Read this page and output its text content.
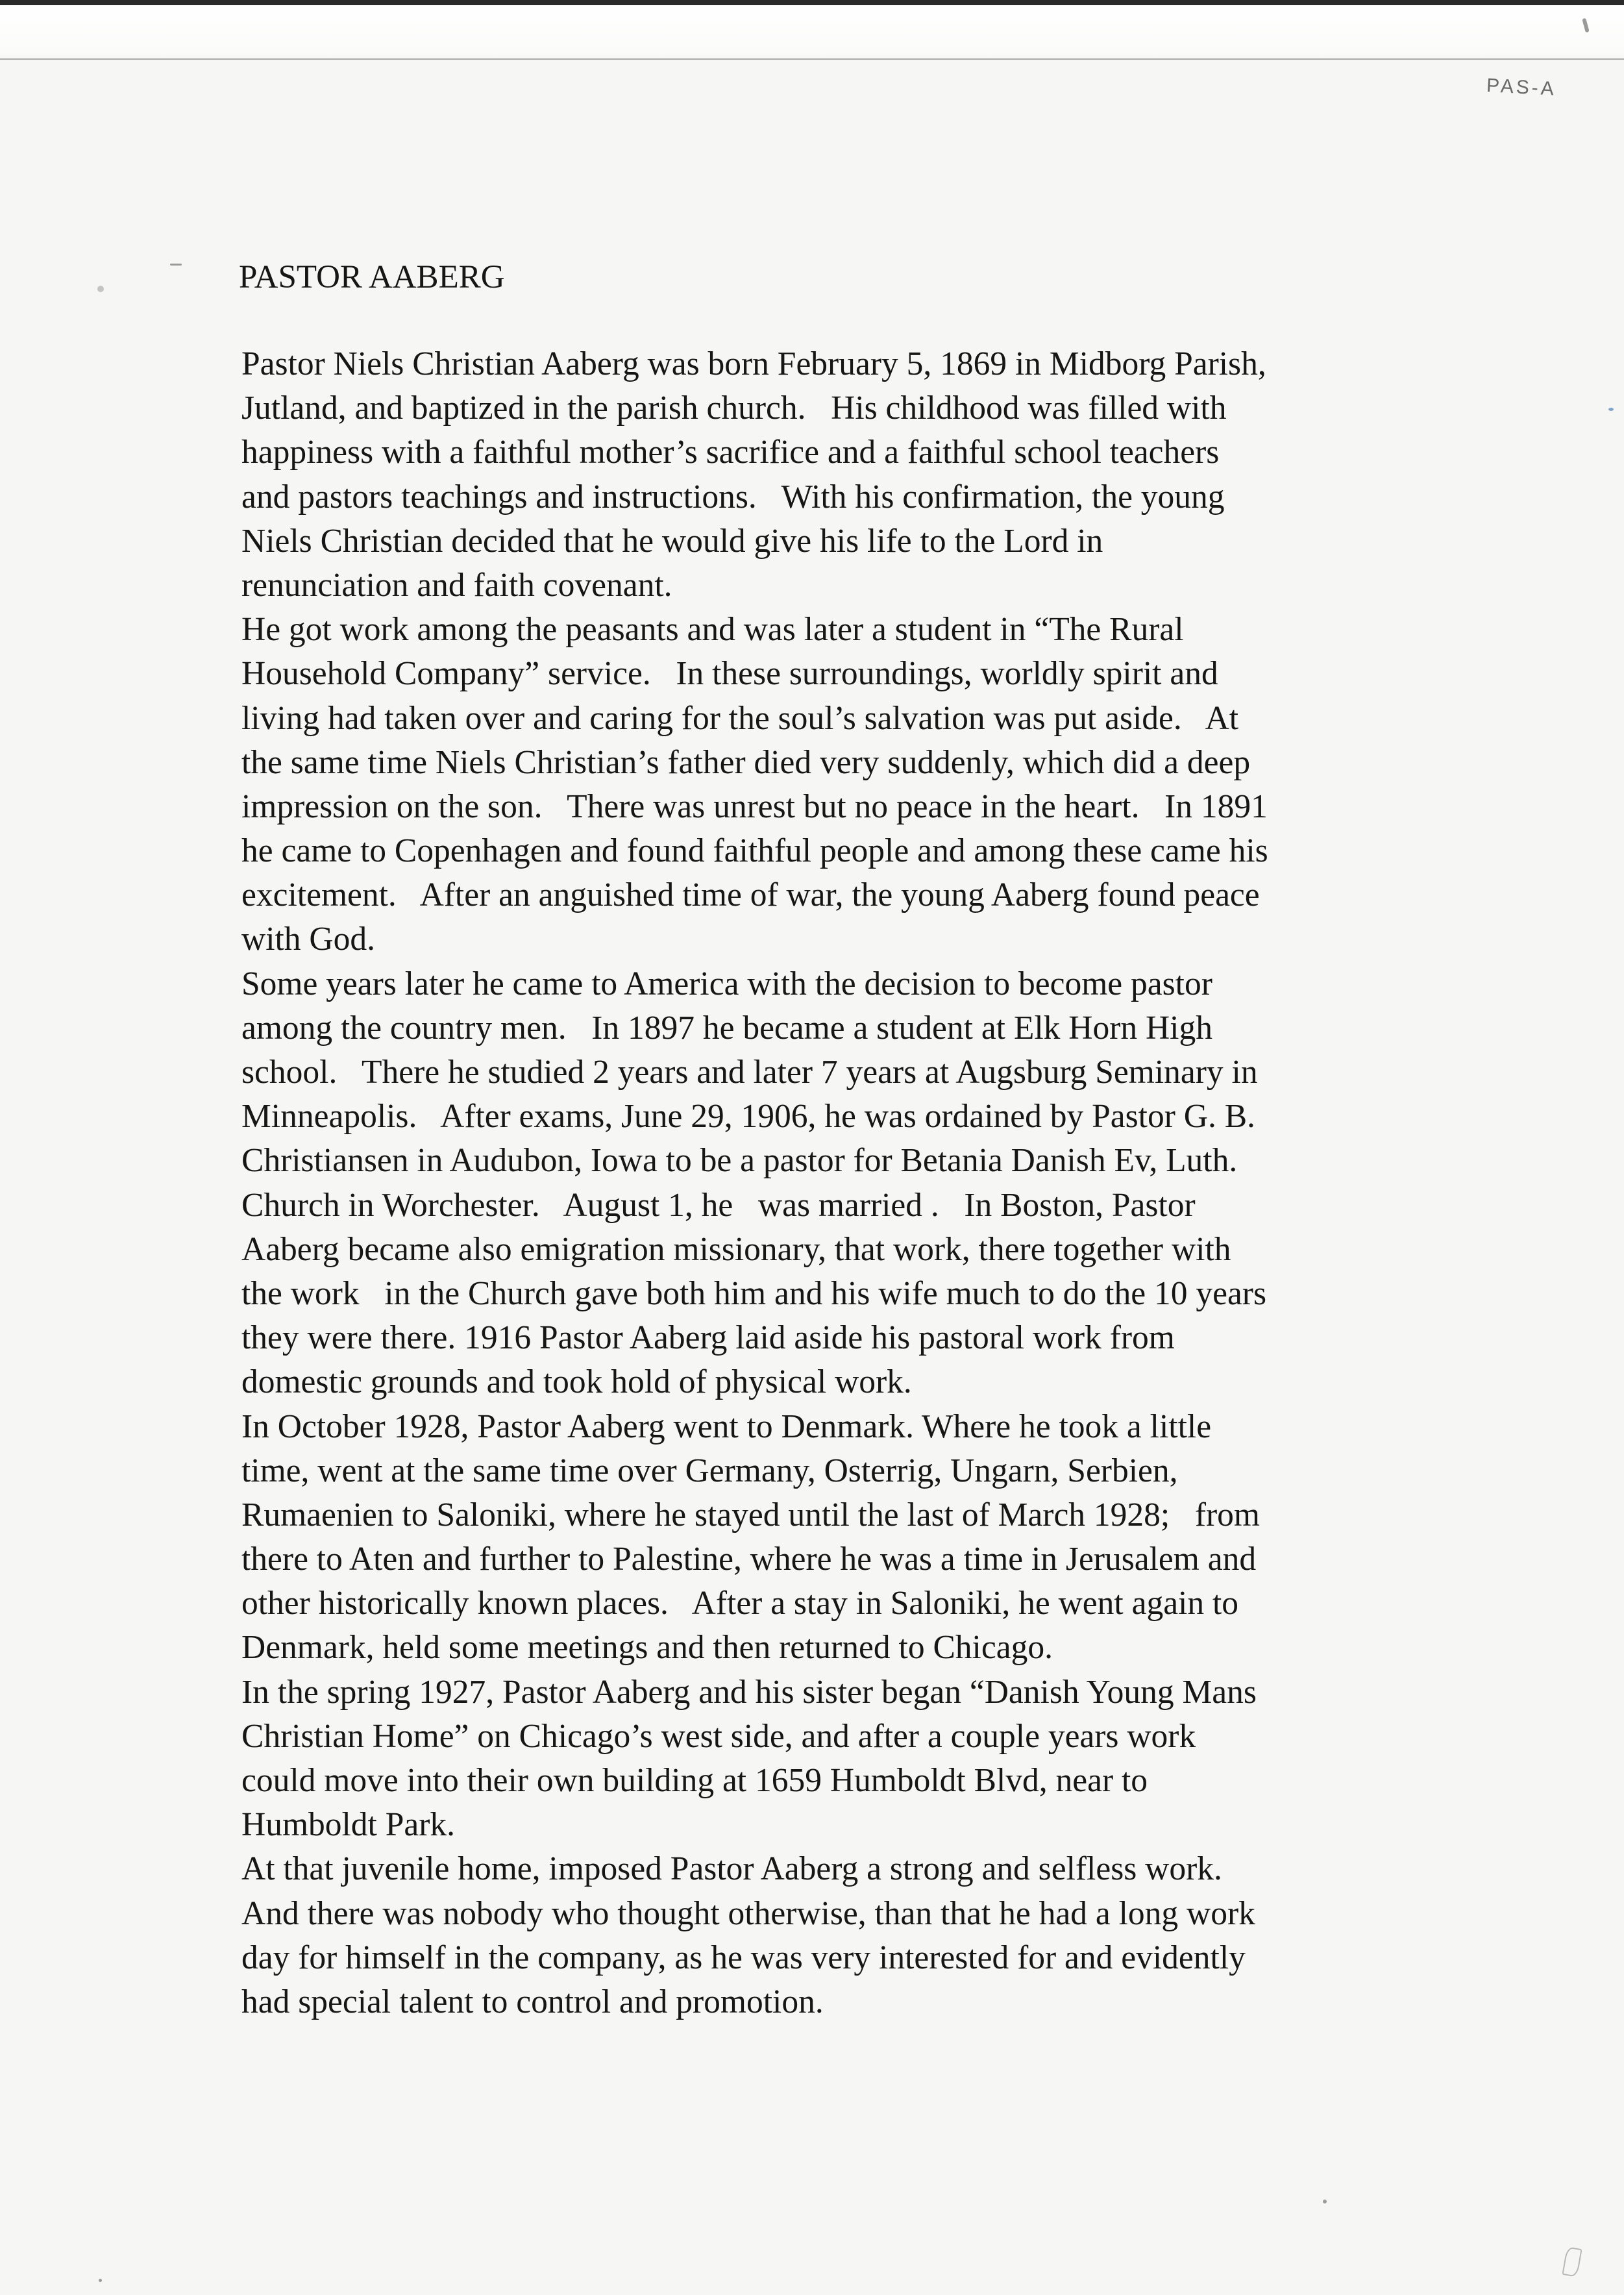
PAS-A
PASTOR AABERG
Pastor Niels Christian Aaberg was born February 5, 1869 in Midborg Parish,
Jutland, and baptized in the parish church.   His childhood was filled with
happiness with a faithful mother’s sacrifice and a faithful school teachers
and pastors teachings and instructions.   With his confirmation, the young
Niels Christian decided that he would give his life to the Lord in
renunciation and faith covenant.
He got work among the peasants and was later a student in “The Rural
Household Company” service.   In these surroundings, worldly spirit and
living had taken over and caring for the soul’s salvation was put aside.   At
the same time Niels Christian’s father died very suddenly, which did a deep
impression on the son.   There was unrest but no peace in the heart.   In 1891
he came to Copenhagen and found faithful people and among these came his
excitement.   After an anguished time of war, the young Aaberg found peace
with God.
Some years later he came to America with the decision to become pastor
among the country men.   In 1897 he became a student at Elk Horn High
school.   There he studied 2 years and later 7 years at Augsburg Seminary in
Minneapolis.   After exams, June 29, 1906, he was ordained by Pastor G. B.
Christiansen in Audubon, Iowa to be a pastor for Betania Danish Ev, Luth.
Church in Worchester.   August 1, he   was married .   In Boston, Pastor
Aaberg became also emigration missionary, that work, there together with
the work   in the Church gave both him and his wife much to do the 10 years
they were there. 1916 Pastor Aaberg laid aside his pastoral work from
domestic grounds and took hold of physical work.
In October 1928, Pastor Aaberg went to Denmark. Where he took a little
time, went at the same time over Germany, Osterrig, Ungarn, Serbien,
Rumaenien to Saloniki, where he stayed until the last of March 1928;   from
there to Aten and further to Palestine, where he was a time in Jerusalem and
other historically known places.   After a stay in Saloniki, he went again to
Denmark, held some meetings and then returned to Chicago.
In the spring 1927, Pastor Aaberg and his sister began “Danish Young Mans
Christian Home” on Chicago’s west side, and after a couple years work
could move into their own building at 1659 Humboldt Blvd, near to
Humboldt Park.
At that juvenile home, imposed Pastor Aaberg a strong and selfless work.
And there was nobody who thought otherwise, than that he had a long work
day for himself in the company, as he was very interested for and evidently
had special talent to control and promotion.
